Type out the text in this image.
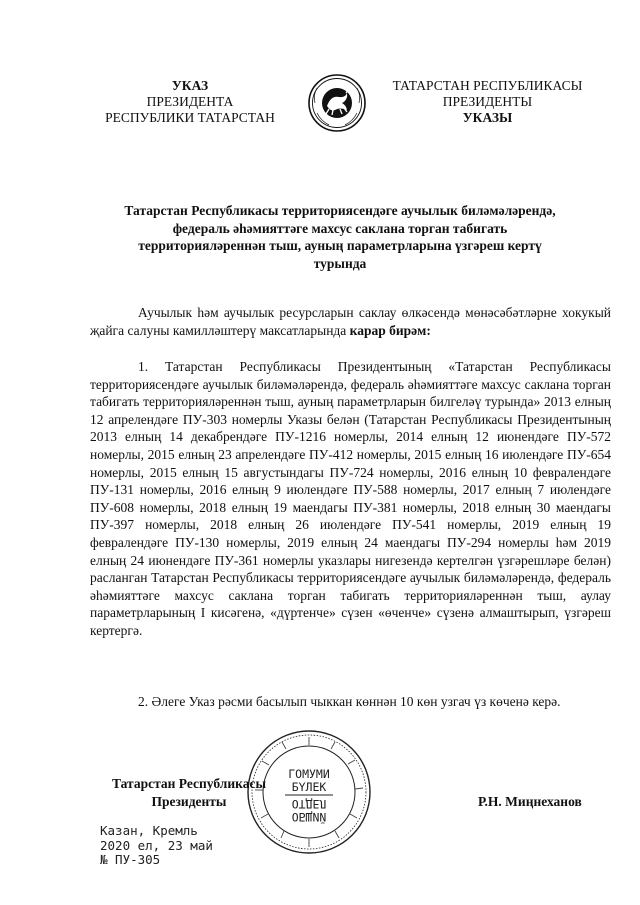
УКАЗ
ПРЕЗИДЕНТА
РЕСПУБЛИКИ ТАТАРСТАН
ТАТАРСТАН РЕСПУБЛИКАСЫ
ПРЕЗИДЕНТЫ
УКАЗЫ
Татарстан Республикасы территориясендәге аучылык биләмәләрендә,
федераль әһәмияттәге махсус саклана торган табигать
территорияләреннән тыш, ауның параметрларына үзгәреш кертү
турында
Аучылык һәм аучылык ресурсларын саклау өлкәсендә мөнәсәбәтләрне хокукый җайга салуны камилләштерү максатларында карар бирәм:
1. Татарстан Республикасы Президентының «Татарстан Республикасы территориясендәге аучылык биләмәләрендә, федераль әһәмияттәге махсус саклана торган табигать территорияләреннән тыш, ауның параметрларын билгеләү турында» 2013 елның 12 апрелендәге ПУ-303 номерлы Указы белән (Татарстан Республикасы Президентының 2013 елның 14 декабрендәге ПУ-1216 номерлы, 2014 елның 12 июнендәге ПУ-572 номерлы, 2015 елның 23 апрелендәге ПУ-412 номерлы, 2015 елның 16 июлендәге ПУ-654 номерлы, 2015 елның 15 августындагы ПУ-724 номерлы, 2016 елның 10 февралендәге ПУ-131 номерлы, 2016 елның 9 июлендәге ПУ-588 номерлы, 2017 елның 7 июлендәге ПУ-608 номерлы, 2018 елның 19 маендагы ПУ-381 номерлы, 2018 елның 30 маендагы ПУ-397 номерлы, 2018 елның 26 июлендәге ПУ-541 номерлы, 2019 елның 19 февралендәге ПУ-130 номерлы, 2019 елның 24 маендагы ПУ-294 номерлы һәм 2019 елның 24 июнендәге ПУ-361 номерлы указлары нигезендә кертелгән үзгәрешләре белән) расланган Татарстан Республикасы территориясендәге аучылык биләмәләрендә, федераль әһәмияттәге махсус саклана торган табигать территорияләреннән тыш, аулау параметрларының I кисәгенә, «дүртенче» сүзен «өченче» сүзенә алмаштырып, үзгәреш кертергә.
2. Әлеге Указ рәсми басылып чыккан көннән 10 көн узгач үз көченә керә.
ГОМУМИ
БҮЛЕК
ОТДЕЛ
ОБЩИЙ
Татарстан Республикасы
Президенты	Р.Н. Миңнеханов
Казан, Кремль
2020 ел, 23 май
№ ПУ-305
